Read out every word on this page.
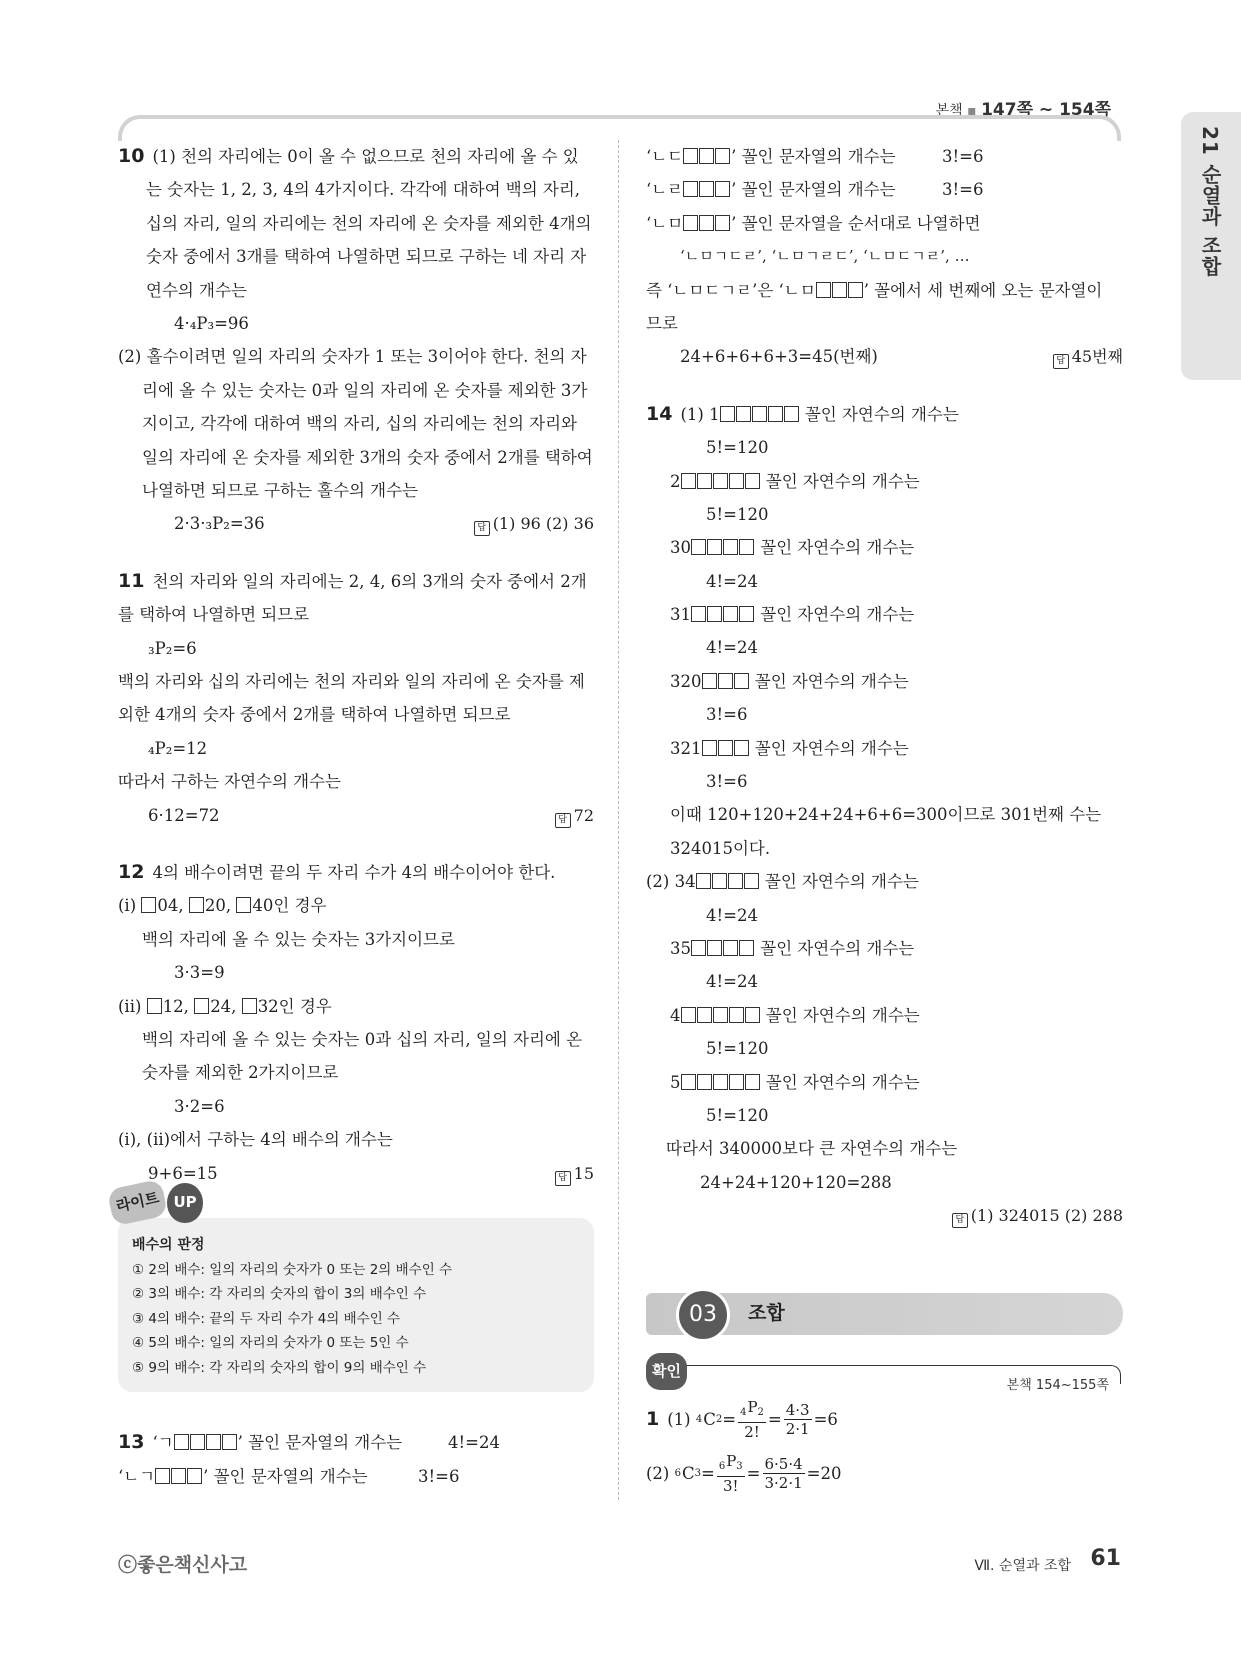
본책 ▪ 147쪽 ~ 154쪽
21 순열과 조합
10 (1) 천의 자리에는 0이 올 수 없으므로 천의 자리에 올 수 있는 숫자는 1, 2, 3, 4의 4가지이다. 각각에 대하여 백의 자리, 십의 자리, 일의 자리에는 천의 자리에 온 숫자를 제외한 4개의 숫자 중에서 3개를 택하여 나열하면 되므로 구하는 네 자리 자연수의 개수는
4·₄P₃=96
(2) 홀수이려면 일의 자리의 숫자가 1 또는 3이어야 한다. 천의 자리에 올 수 있는 숫자는 0과 일의 자리에 온 숫자를 제외한 3가지이고, 각각에 대하여 백의 자리, 십의 자리에는 천의 자리와 일의 자리에 온 숫자를 제외한 3개의 숫자 중에서 2개를 택하여 나열하면 되므로 구하는 홀수의 개수는
2·3·₃P₂=36	답 (1) 96 (2) 36
11 천의 자리와 일의 자리에는 2, 4, 6의 3개의 숫자 중에서 2개를 택하여 나열하면 되므로
₃P₂=6
백의 자리와 십의 자리에는 천의 자리와 일의 자리에 온 숫자를 제외한 4개의 숫자 중에서 2개를 택하여 나열하면 되므로
₄P₂=12
따라서 구하는 자연수의 개수는
6·12=72	답 72
12 4의 배수이려면 끝의 두 자리 수가 4의 배수이어야 한다.
(i) 04, 20, 40인 경우
백의 자리에 올 수 있는 숫자는 3가지이므로
3·3=9
(ii) 12, 24, 32인 경우
백의 자리에 올 수 있는 숫자는 0과 십의 자리, 일의 자리에 온 숫자를 제외한 2가지이므로
3·2=6
(i), (ii)에서 구하는 4의 배수의 개수는
9+6=15	답 15
라이트 UP
배수의 판정
① 2의 배수: 일의 자리의 숫자가 0 또는 2의 배수인 수
② 3의 배수: 각 자리의 숫자의 합이 3의 배수인 수
③ 4의 배수: 끝의 두 자리 수가 4의 배수인 수
④ 5의 배수: 일의 자리의 숫자가 0 또는 5인 수
⑤ 9의 배수: 각 자리의 숫자의 합이 9의 배수인 수
13 ‘ㄱ	’ 꼴인 문자열의 개수는	4!=24
‘ㄴㄱ	’ 꼴인 문자열의 개수는	3!=6
‘ㄴㄷ	’ 꼴인 문자열의 개수는	3!=6
‘ㄴㄹ	’ 꼴인 문자열의 개수는	3!=6
‘ㄴㅁ	’ 꼴인 문자열을 순서대로 나열하면
‘ㄴㅁㄱㄷㄹ’, ‘ㄴㅁㄱㄹㄷ’, ‘ㄴㅁㄷㄱㄹ’, …
즉 ‘ㄴㅁㄷㄱㄹ’은 ‘ㄴㅁ	’ 꼴에서 세 번째에 오는 문자열이
므로
24+6+6+6+3=45(번째)	답 45번째
14 (1) 1	꼴인 자연수의 개수는
5!=120
2	꼴인 자연수의 개수는
5!=120
30	꼴인 자연수의 개수는
4!=24
31	꼴인 자연수의 개수는
4!=24
320	꼴인 자연수의 개수는
3!=6
321	꼴인 자연수의 개수는
3!=6
이때 120+120+24+24+6+6=300이므로 301번째 수는
324015이다.
(2) 34	꼴인 자연수의 개수는
4!=24
35	꼴인 자연수의 개수는
4!=24
4	꼴인 자연수의 개수는
5!=120
5	꼴인 자연수의 개수는
5!=120
따라서 340000보다 큰 자연수의 개수는
24+24+120+120=288
답 (1) 324015 (2) 288
03	조합
확인
본책 154~155쪽
1 (1)
4 C $2 = \frac{_4P_2}{2!} = \frac{4\cdot 3}{2\cdot 1} =6$
(2)
6 C $3 = \frac{_6P_3}{3!} = \frac{6\cdot 5\cdot 4}{3\cdot 2\cdot 1} =20$
ⓒ좋은책신사고	Ⅶ. 순열과 조합 61
